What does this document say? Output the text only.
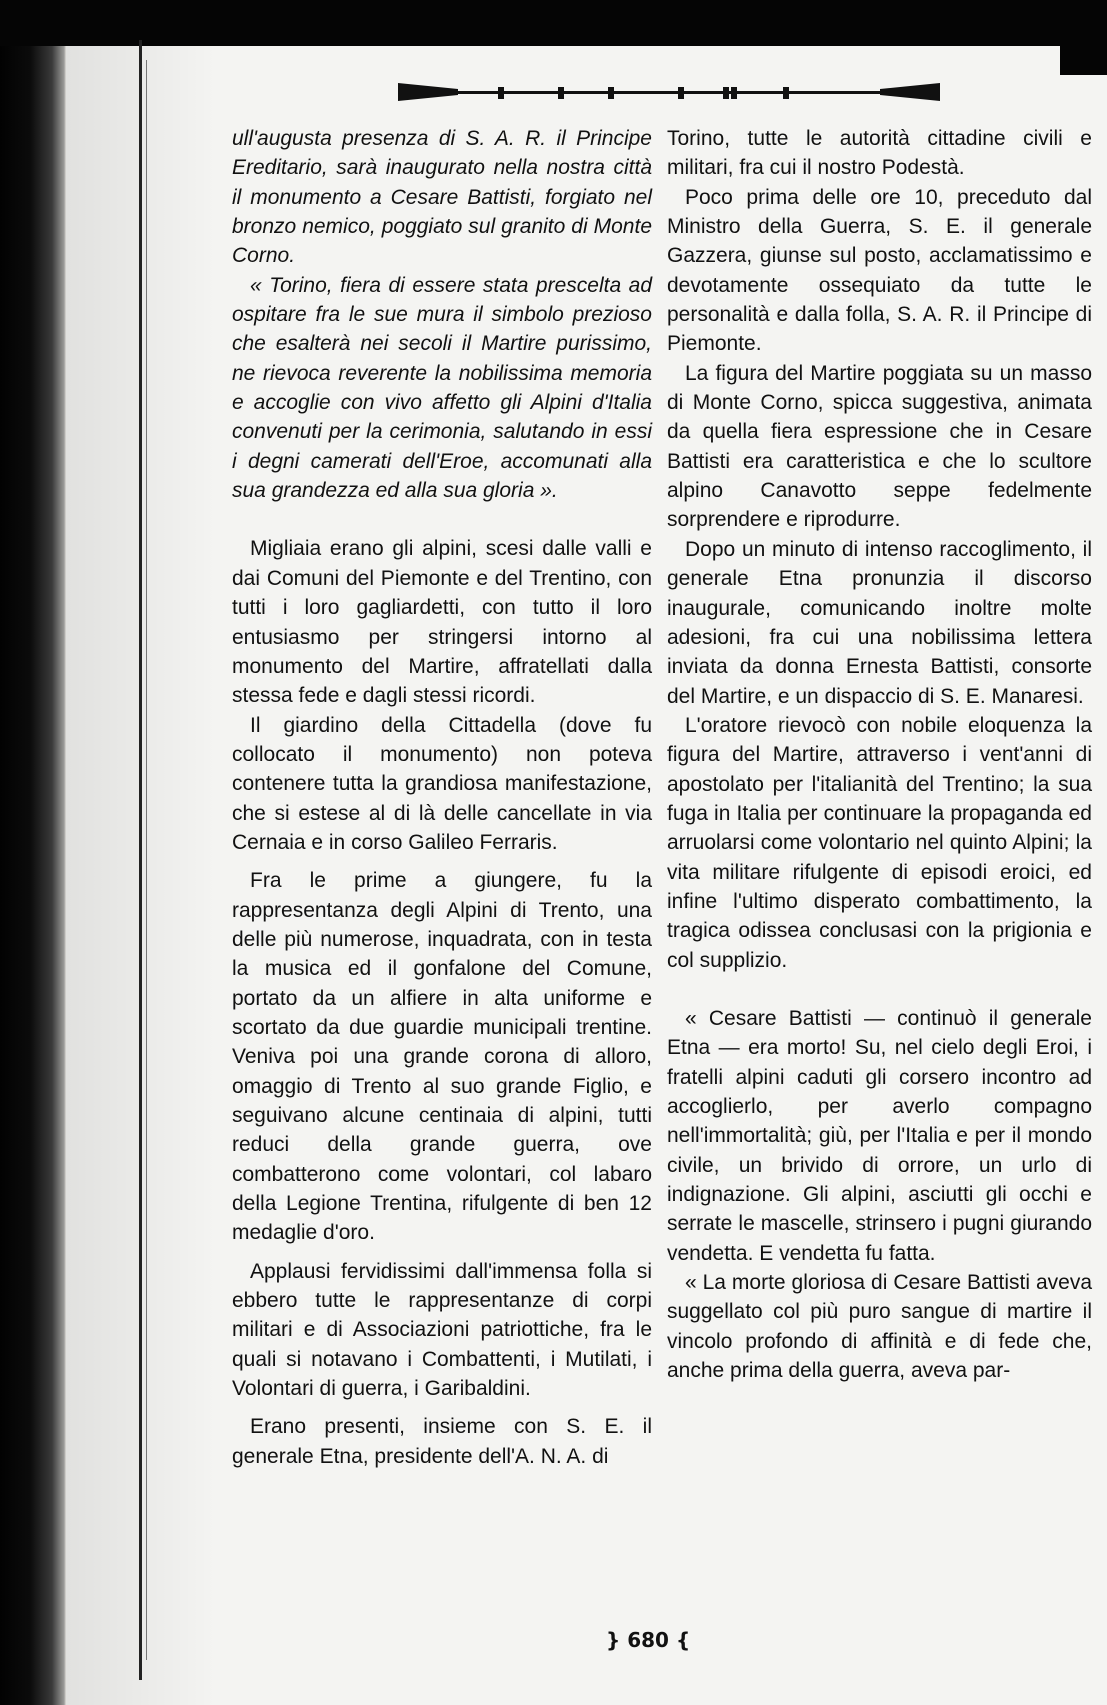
ull'augusta presenza di S. A. R. il Principe Ereditario, sarà inaugurato nella nostra città il monumento a Cesare Battisti, forgiato nel bronzo nemico, poggiato sul granito di Monte Corno.

« Torino, fiera di essere stata prescelta ad ospitare fra le sue mura il simbolo prezioso che esalterà nei secoli il Martire purissimo, ne rievoca reverente la nobilissima memoria e accoglie con vivo affetto gli Alpini d'Italia convenuti per la cerimonia, salutando in essi i degni camerati dell'Eroe, accomunati alla sua grandezza ed alla sua gloria ».

Migliaia erano gli alpini, scesi dalle valli e dai Comuni del Piemonte e del Trentino, con tutti i loro gagliardetti, con tutto il loro entusiasmo per stringersi intorno al monumento del Martire, affratellati dalla stessa fede e dagli stessi ricordi.

Il giardino della Cittadella (dove fu collocato il monumento) non poteva contenere tutta la grandiosa manifestazione, che si estese al di là delle cancellate in via Cernaia e in corso Galileo Ferraris.

Fra le prime a giungere, fu la rappresentanza degli Alpini di Trento, una delle più numerose, inquadrata, con in testa la musica ed il gonfalone del Comune, portato da un alfiere in alta uniforme e scortato da due guardie municipali trentine. Veniva poi una grande corona di alloro, omaggio di Trento al suo grande Figlio, e seguivano alcune centinaia di alpini, tutti reduci della grande guerra, ove combatterono come volontari, col labaro della Legione Trentina, rifulgente di ben 12 medaglie d'oro.

Applausi fervidissimi dall'immensa folla si ebbero tutte le rappresentanze di corpi militari e di Associazioni patriottiche, fra le quali si notavano i Combattenti, i Mutilati, i Volontari di guerra, i Garibaldini.

Erano presenti, insieme con S. E. il generale Etna, presidente dell'A. N. A. di

Torino, tutte le autorità cittadine civili e militari, fra cui il nostro Podestà.

Poco prima delle ore 10, preceduto dal Ministro della Guerra, S. E. il generale Gazzera, giunse sul posto, acclamatissimo e devotamente ossequiato da tutte le personalità e dalla folla, S. A. R. il Principe di Piemonte.

La figura del Martire poggiata su un masso di Monte Corno, spicca suggestiva, animata da quella fiera espressione che in Cesare Battisti era caratteristica e che lo scultore alpino Canavotto seppe fedelmente sorprendere e riprodurre.

Dopo un minuto di intenso raccoglimento, il generale Etna pronunzia il discorso inaugurale, comunicando inoltre molte adesioni, fra cui una nobilissima lettera inviata da donna Ernesta Battisti, consorte del Martire, e un dispaccio di S. E. Manaresi.

L'oratore rievocò con nobile eloquenza la figura del Martire, attraverso i vent'anni di apostolato per l'italianità del Trentino; la sua fuga in Italia per continuare la propaganda ed arruolarsi come volontario nel quinto Alpini; la vita militare rifulgente di episodi eroici, ed infine l'ultimo disperato combattimento, la tragica odissea conclusasi con la prigionia e col supplizio.

« Cesare Battisti — continuò il generale Etna — era morto! Su, nel cielo degli Eroi, i fratelli alpini caduti gli corsero incontro ad accoglierlo, per averlo compagno nell'immortalità; giù, per l'Italia e per il mondo civile, un brivido di orrore, un urlo di indignazione. Gli alpini, asciutti gli occhi e serrate le mascelle, strinsero i pugni giurando vendetta. E vendetta fu fatta.

« La morte gloriosa di Cesare Battisti aveva suggellato col più puro sangue di martire il vincolo profondo di affinità e di fede che, anche prima della guerra, aveva par-

} 680 {
